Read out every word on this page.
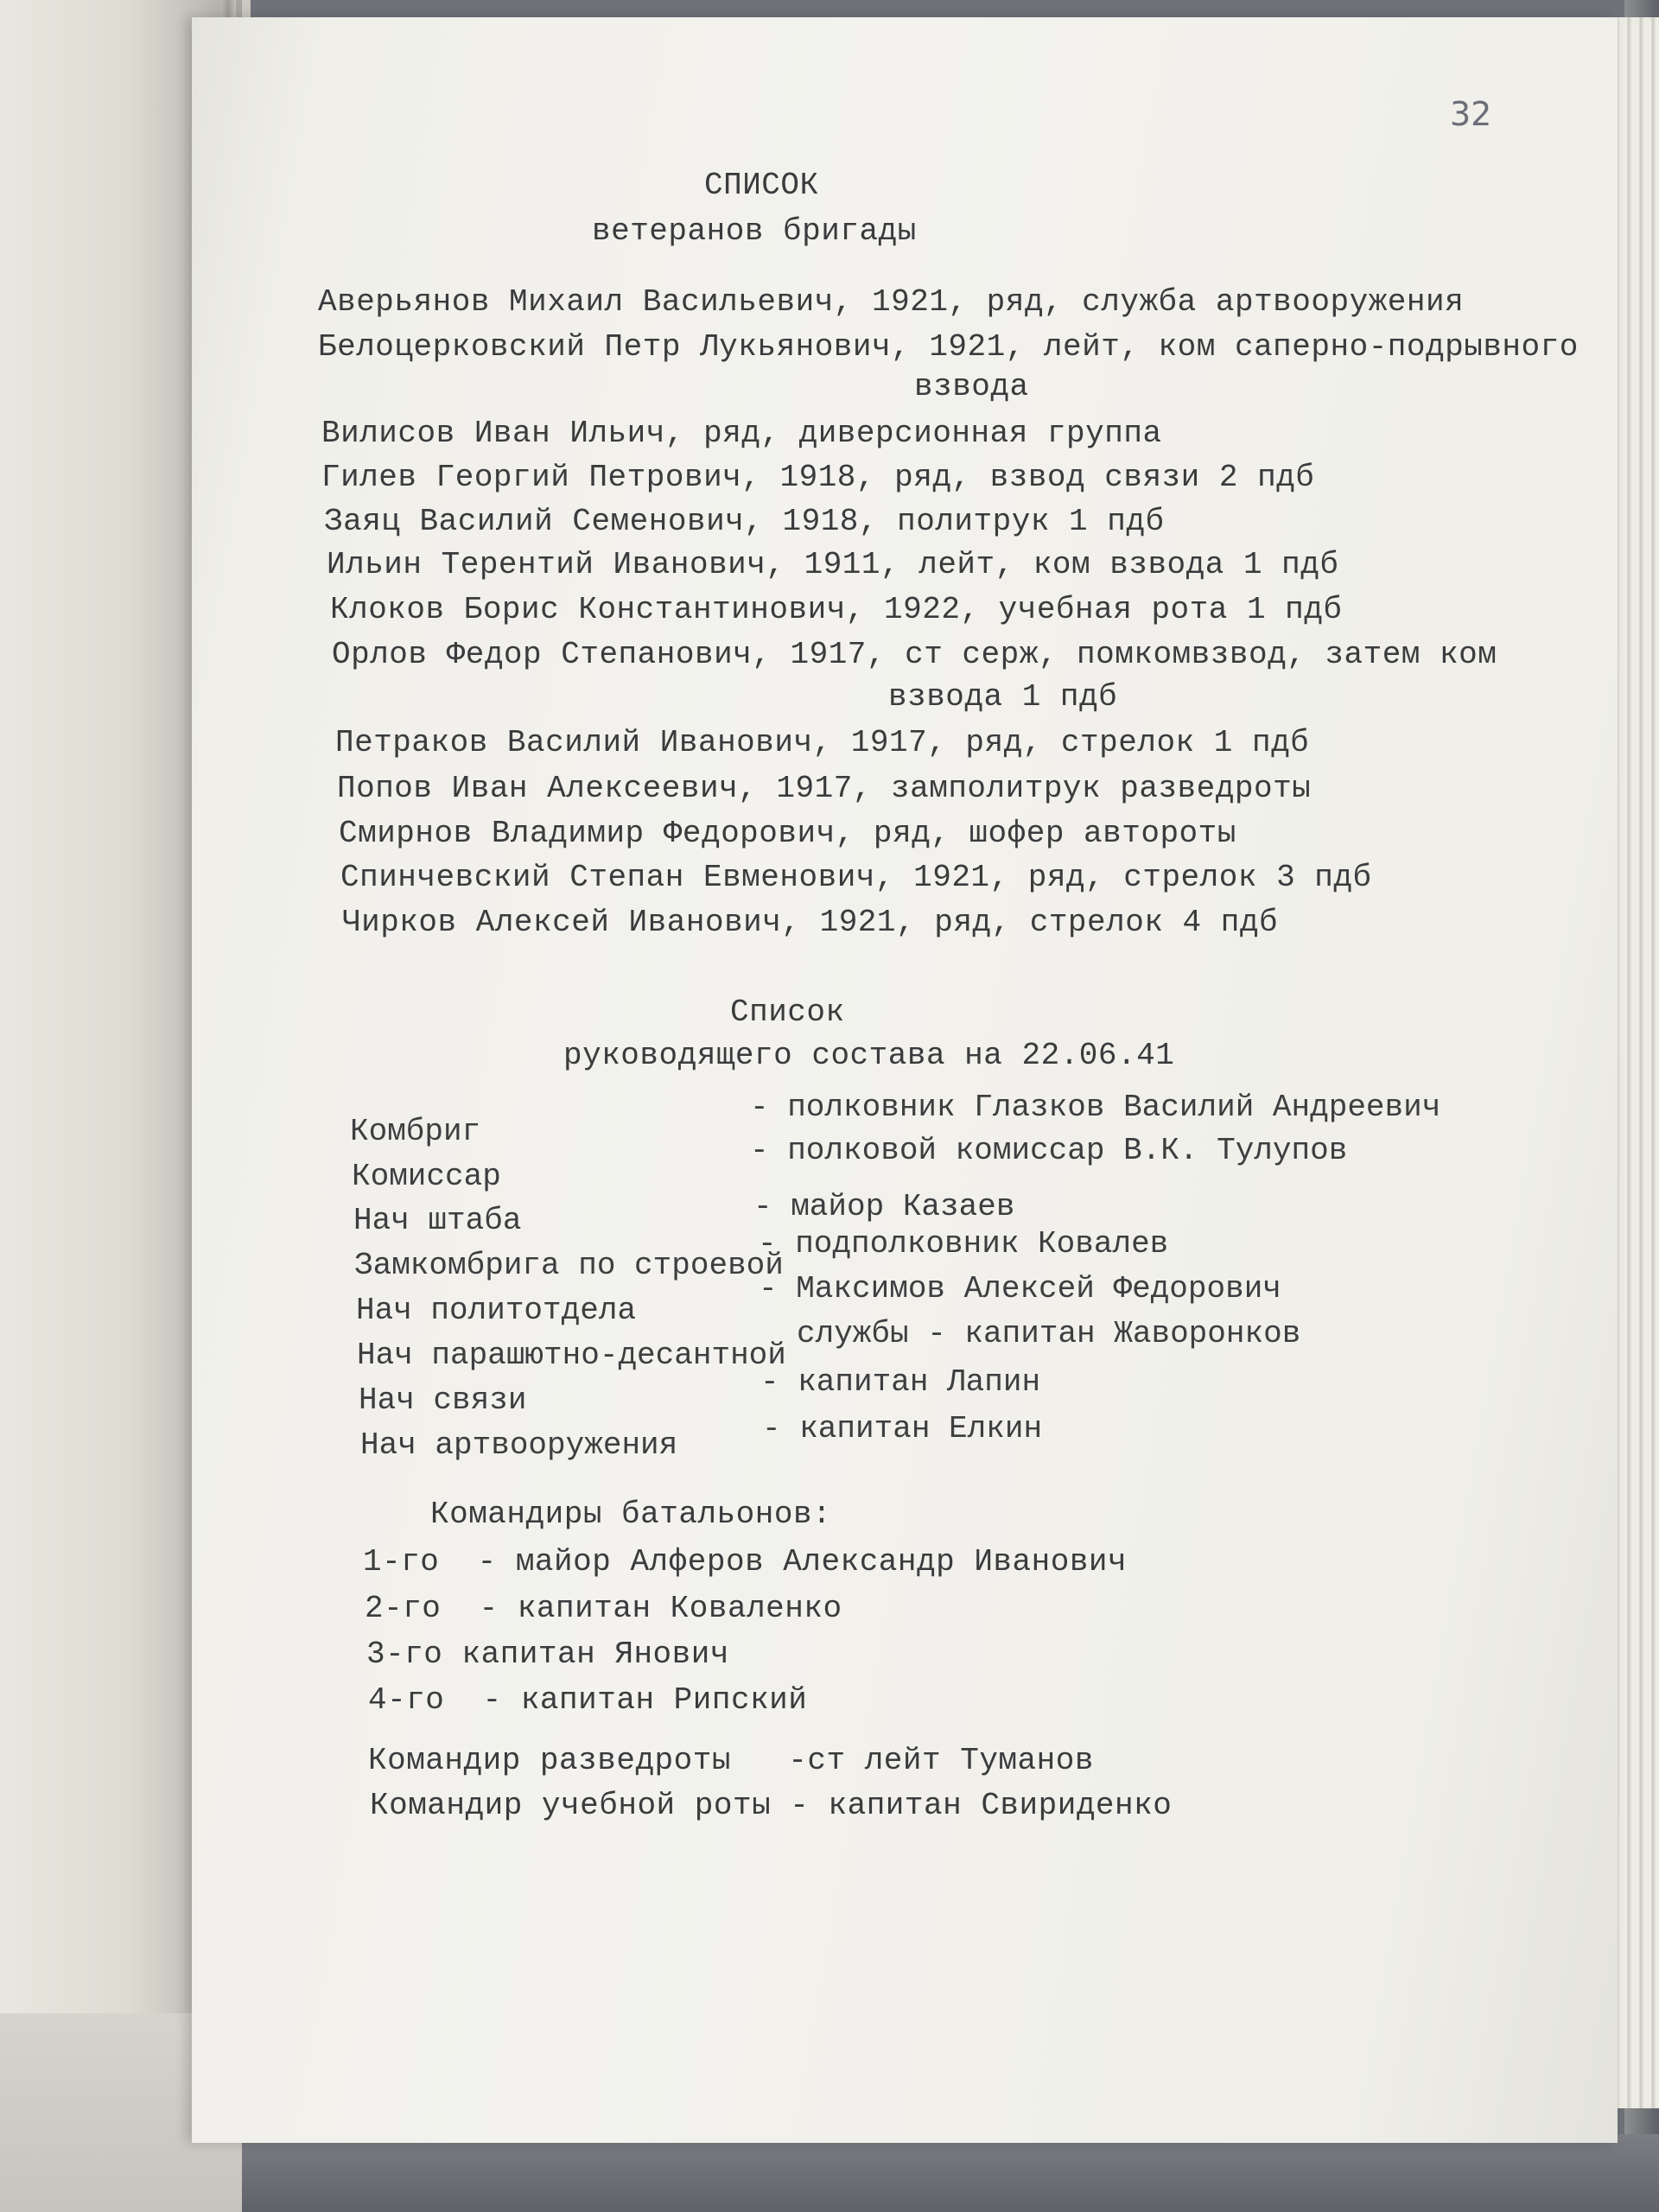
32
СПИСОК
ветеранов бригады
Аверьянов Михаил Васильевич, 1921, ряд, служба артвооружения
Белоцерковский Петр Лукьянович, 1921, лейт, ком саперно-подрывного
взвода
Вилисов Иван Ильич, ряд, диверсионная группа
Гилев Георгий Петрович, 1918, ряд, взвод связи 2 пдб
Заяц Василий Семенович, 1918, политрук 1 пдб
Ильин Терентий Иванович, 1911, лейт, ком взвода 1 пдб
Клоков Борис Константинович, 1922, учебная рота 1 пдб
Орлов Федор Степанович, 1917, ст серж, помкомвзвод, затем ком
взвода 1 пдб
Петраков Василий Иванович, 1917, ряд, стрелок 1 пдб
Попов Иван Алексеевич, 1917, замполитрук разведроты
Смирнов Владимир Федорович, ряд, шофер автороты
Спинчевский Степан Евменович, 1921, ряд, стрелок 3 пдб
Чирков Алексей Иванович, 1921, ряд, стрелок 4 пдб
Список
руководящего состава на 22.06.41
Комбриг
- полковник Глазков Василий Андреевич
Комиссар
- полковой комиссар В.К. Тулупов
Нач штаба	- майор Казаев
Замкомбрига по строевой
- подполковник Ковалев
Нач политотдела
- Максимов Алексей Федорович
Нач парашютно-десантной
службы - капитан Жаворонков
Нач связи
- капитан Лапин
Нач артвооружения	- капитан Елкин
Командиры батальонов:
1-го  - майор Алферов Александр Иванович
2-го  - капитан Коваленко
3-го капитан Янович
4-го  - капитан Рипский
Командир разведроты   -ст лейт Туманов
Командир учебной роты - капитан Свириденко
